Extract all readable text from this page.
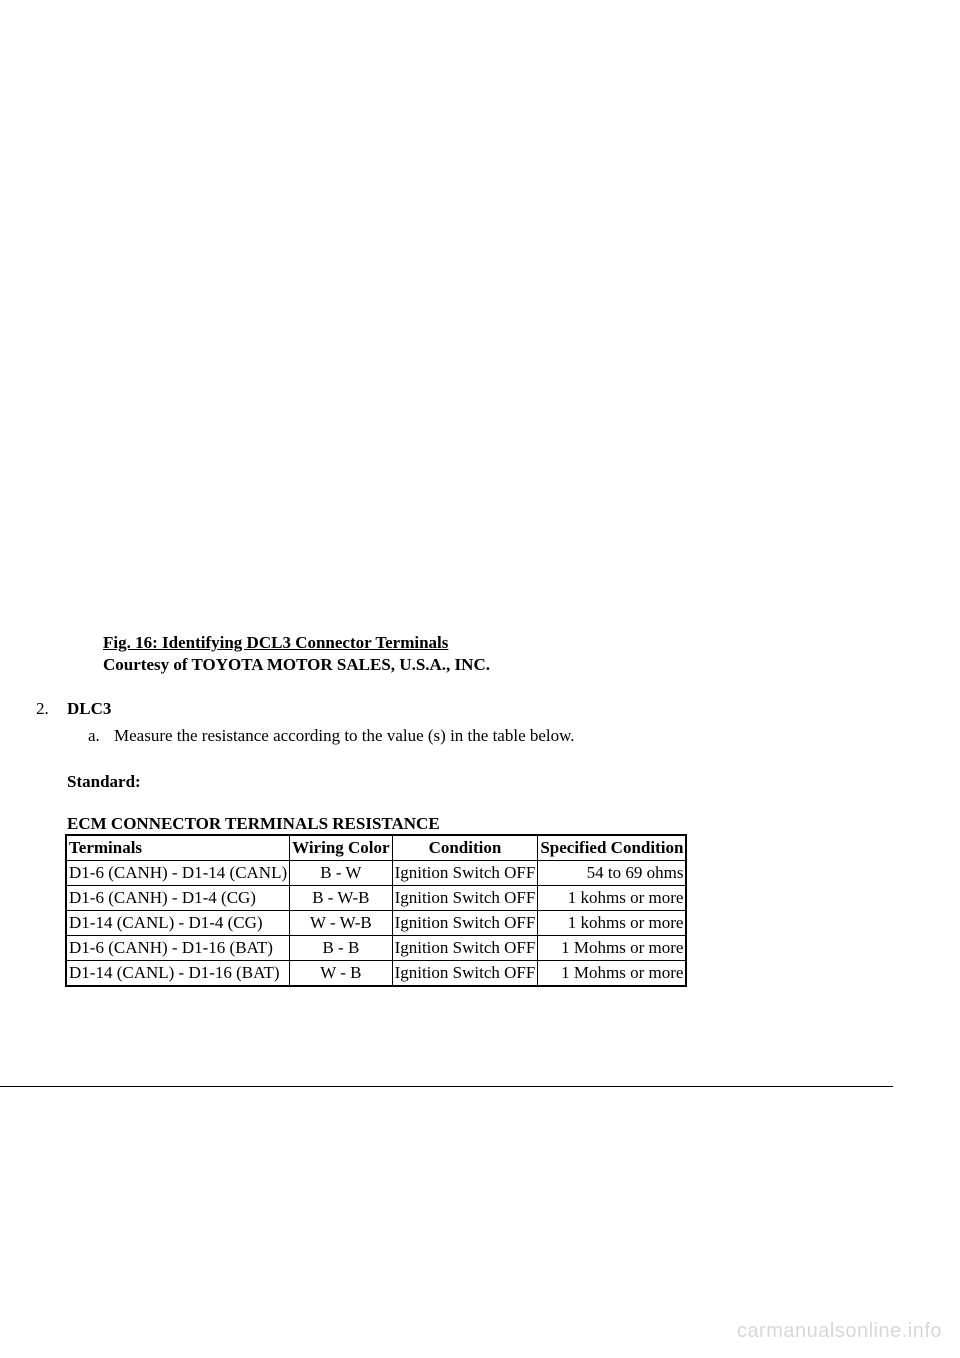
Fig. 16: Identifying DCL3 Connector Terminals
Courtesy of TOYOTA MOTOR SALES, U.S.A., INC.
2. DLC3
a. Measure the resistance according to the value (s) in the table below.
Standard:
ECM CONNECTOR TERMINALS RESISTANCE
Terminals	Wiring Color	Condition	Specified Condition
D1-6 (CANH) - D1-14 (CANL)	B - W	Ignition Switch OFF	54 to 69 ohms
D1-6 (CANH) - D1-4 (CG)	B - W-B	Ignition Switch OFF	1 kohms or more
D1-14 (CANL) - D1-4 (CG)	W - W-B	Ignition Switch OFF	1 kohms or more
D1-6 (CANH) - D1-16 (BAT)	B - B	Ignition Switch OFF	1 Mohms or more
D1-14 (CANL) - D1-16 (BAT)	W - B	Ignition Switch OFF	1 Mohms or more
carmanualsonline.info
